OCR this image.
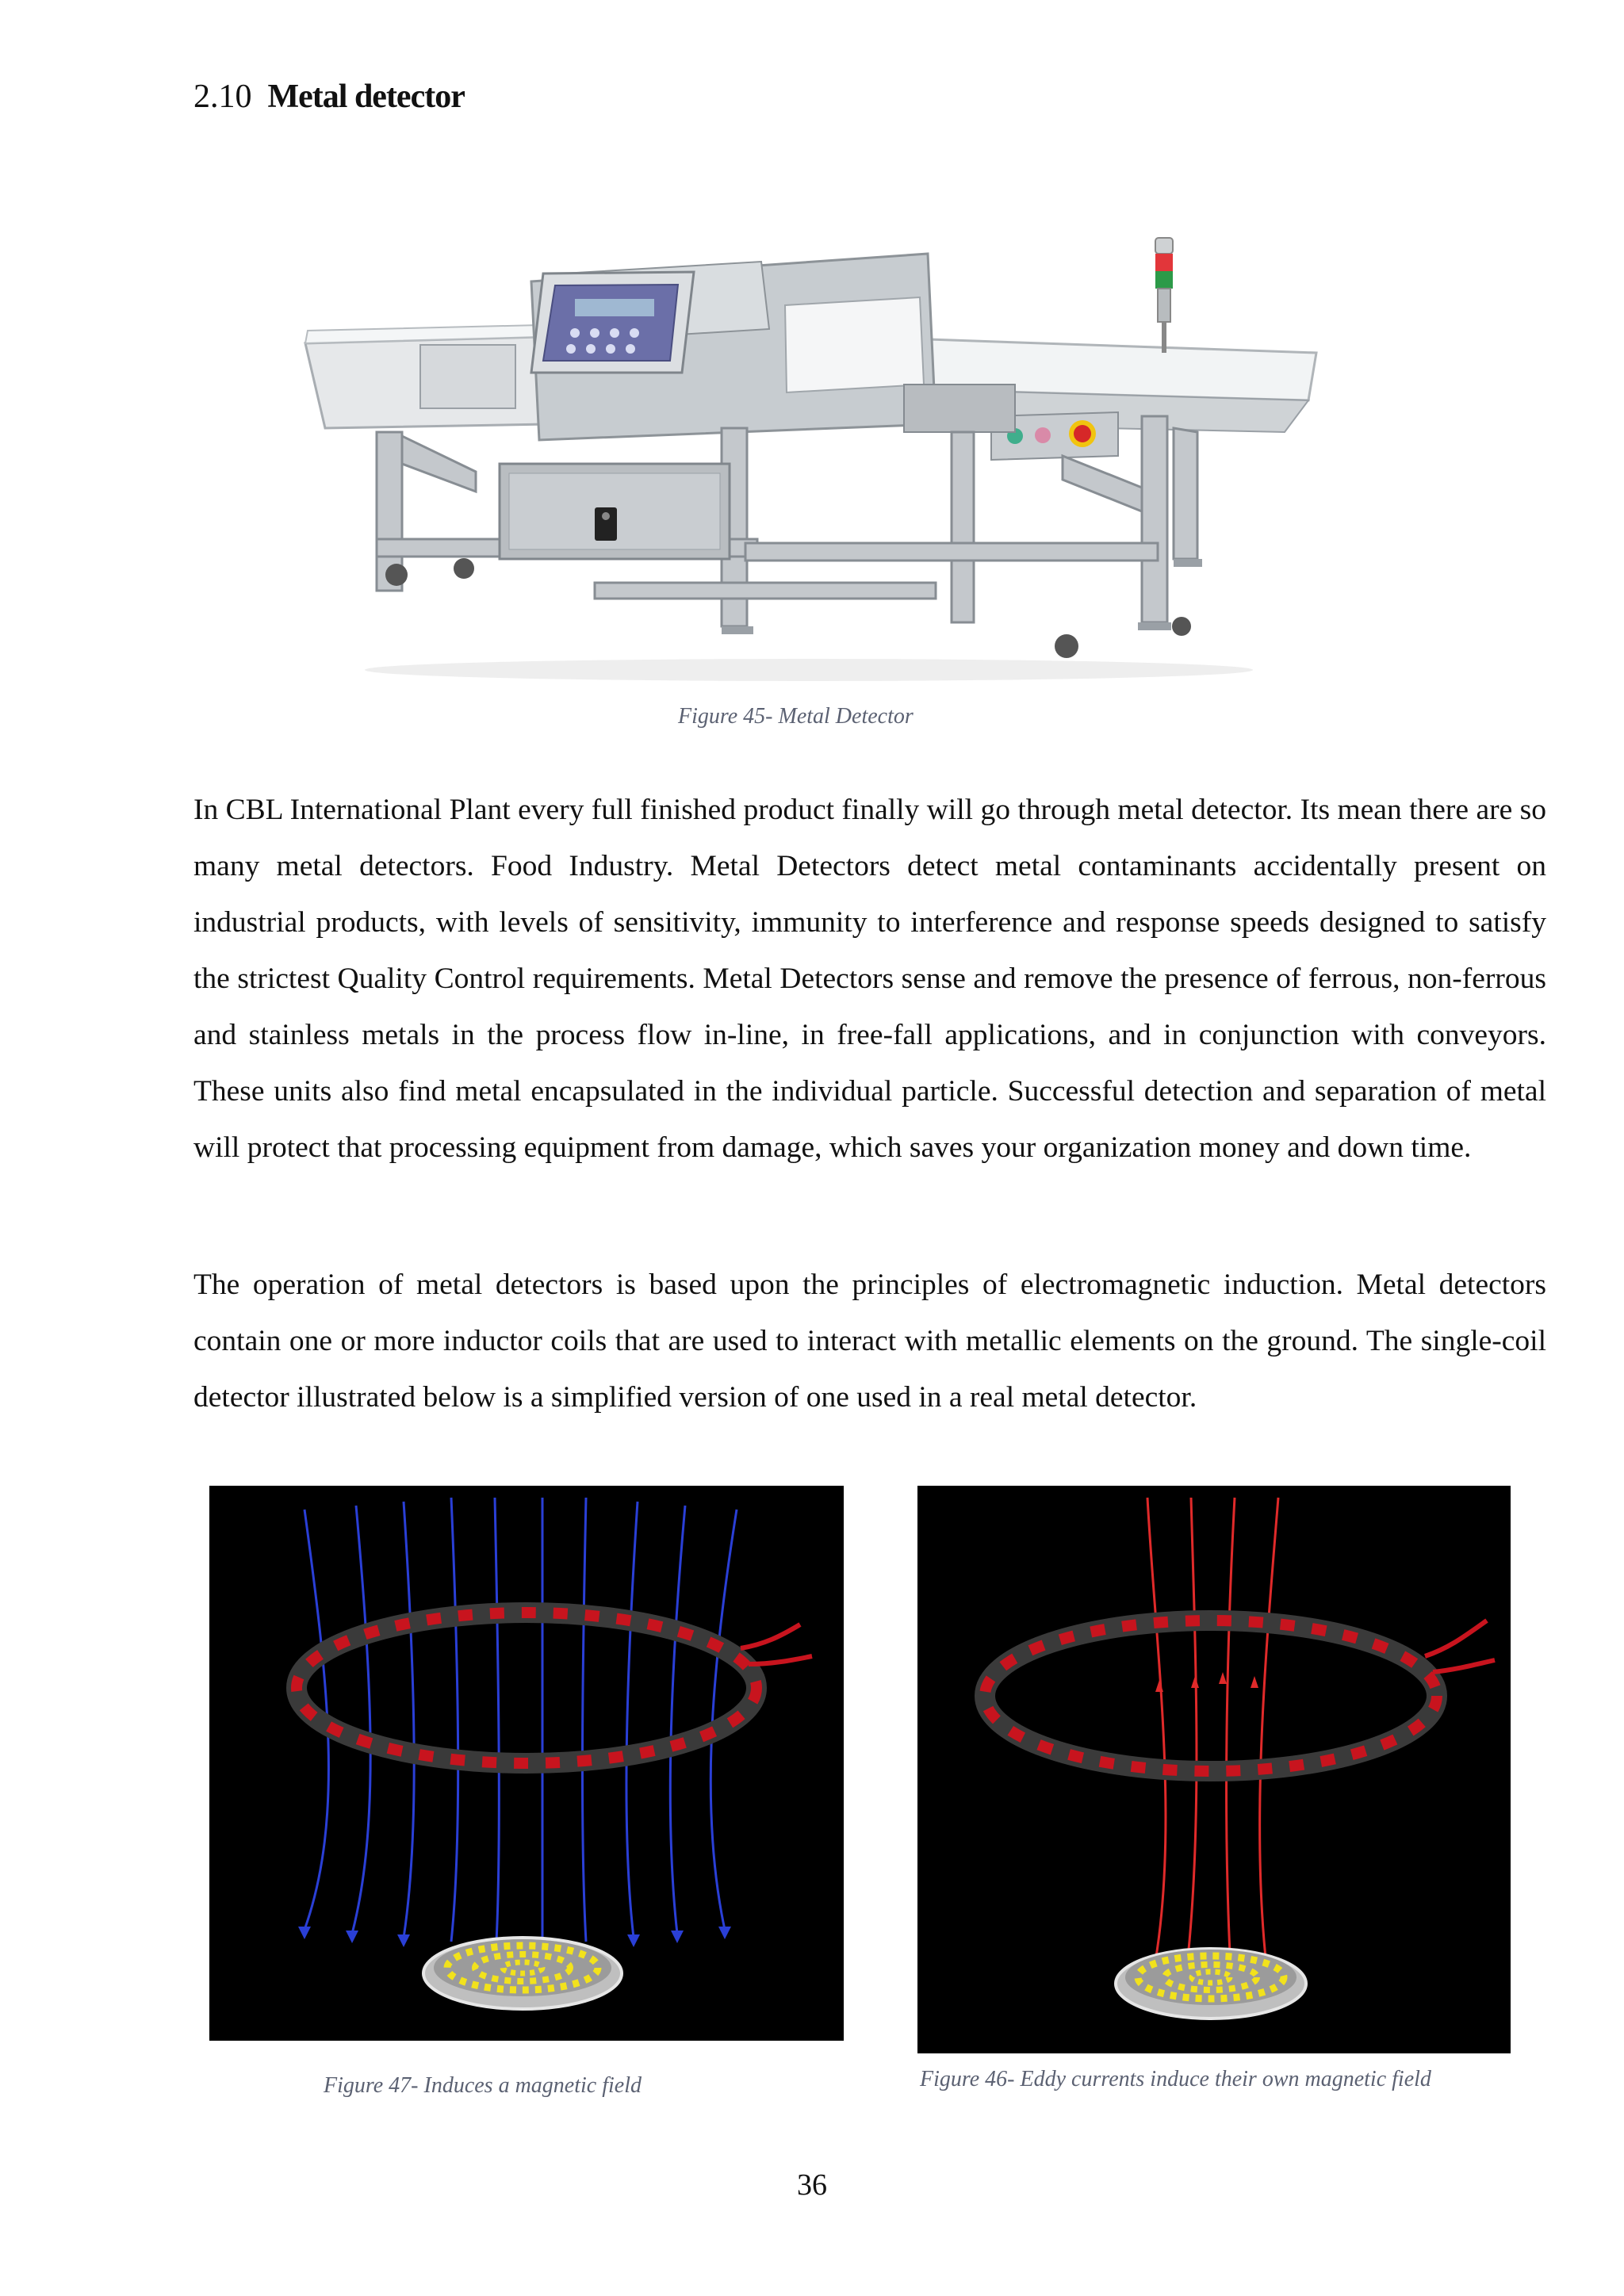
2.10 Metal detector
Figure 45- Metal Detector

In CBL International Plant every full finished product finally will go through metal detector. Its mean there are so many metal detectors. Food Industry. Metal Detectors detect metal contaminants accidentally present on industrial products, with levels of sensitivity, immunity to interference and response speeds designed to satisfy the strictest Quality Control requirements. Metal Detectors sense and remove the presence of ferrous, non-ferrous and stainless metals in the process flow in-line, in free-fall applications, and in conjunction with conveyors. These units also find metal encapsulated in the individual particle. Successful detection and separation of metal will protect that processing equipment from damage, which saves your organization money and down time.

The operation of metal detectors is based upon the principles of electromagnetic induction. Metal detectors contain one or more inductor coils that are used to interact with metallic elements on the ground. The single-coil detector illustrated below is a simplified version of one used in a real metal detector.

Figure 47- Induces a magnetic field	Figure 46- Eddy currents induce their own magnetic field
36
